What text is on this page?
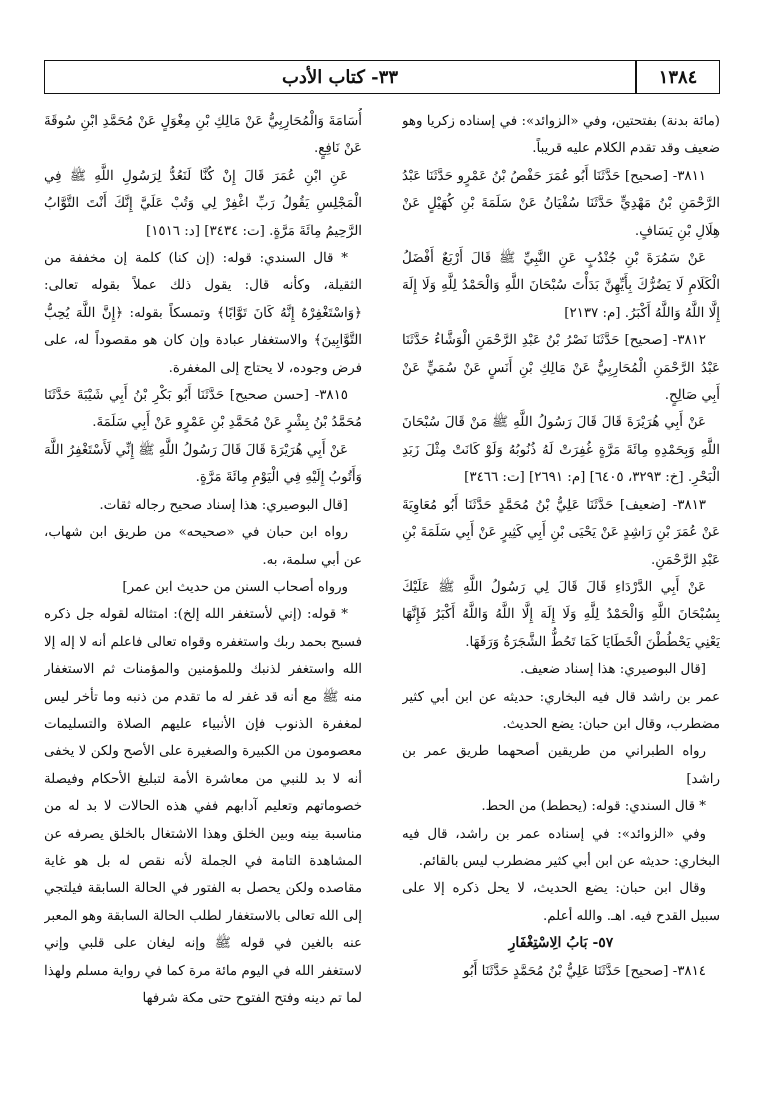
٣٣- كتاب الأدب	١٣٨٤

(مائة بدنة) بفتحتين، وفي «الزوائد»: في إسناده زكريا وهو ضعيف وقد تقدم الكلام عليه قريباً.

٣٨١١- [صحيح] حَدَّثَنَا أَبُو عُمَرَ حَفْصُ بْنُ عَمْرٍو حَدَّثَنَا عَبْدُ الرَّحْمَنِ بْنُ مَهْدِيٍّ حَدَّثَنَا سُفْيَانُ عَنْ سَلَمَةَ بْنِ كُهَيْلٍ عَنْ هِلَالِ بْنِ يَسَافٍ.

عَنْ سَمُرَةَ بْنِ جُنْدُبٍ عَنِ النَّبِيِّ ﷺ قَالَ أَرْبَعٌ أَفْضَلُ الْكَلَامِ لَا يَضُرُّكَ بِأَيِّهِنَّ بَدَأْتَ سُبْحَانَ اللَّهِ وَالْحَمْدُ لِلَّهِ وَلَا إِلَهَ إِلَّا اللَّهُ وَاللَّهُ أَكْبَرُ. [م: ٢١٣٧]

٣٨١٢- [صحيح] حَدَّثَنَا نَصْرُ بْنُ عَبْدِ الرَّحْمَنِ الْوَشَّاءُ حَدَّثَنَا عَبْدُ الرَّحْمَنِ الْمُحَارِبِيُّ عَنْ مَالِكِ بْنِ أَنَسٍ عَنْ سُمَيٍّ عَنْ أَبِي صَالِحٍ.

عَنْ أَبِي هُرَيْرَةَ قَالَ قَالَ رَسُولُ اللَّهِ ﷺ مَنْ قَالَ سُبْحَانَ اللَّهِ وَبِحَمْدِهِ مِائَةَ مَرَّةٍ غُفِرَتْ لَهُ ذُنُوبُهُ وَلَوْ كَانَتْ مِثْلَ زَبَدِ الْبَحْرِ. [خ: ٣٢٩٣، ٦٤٠٥] [م: ٢٦٩١] [ت: ٣٤٦٦]

٣٨١٣- [ضعيف] حَدَّثَنَا عَلِيُّ بْنُ مُحَمَّدٍ حَدَّثَنَا أَبُو مُعَاوِيَةَ عَنْ عُمَرَ بْنِ رَاشِدٍ عَنْ يَحْيَى بْنِ أَبِي كَثِيرٍ عَنْ أَبِي سَلَمَةَ بْنِ عَبْدِ الرَّحْمَنِ.

عَنْ أَبِي الدَّرْدَاءِ قَالَ قَالَ لِي رَسُولُ اللَّهِ ﷺ عَلَيْكَ بِسُبْحَانَ اللَّهِ وَالْحَمْدُ لِلَّهِ وَلَا إِلَهَ إِلَّا اللَّهُ وَاللَّهُ أَكْبَرُ فَإِنَّهَا يَعْنِي يَحْطُطْنَ الْخَطَايَا كَمَا تَحُطُّ الشَّجَرَةُ وَرَقَهَا.

[قال البوصيري: هذا إسناد ضعيف.

عمر بن راشد قال فيه البخاري: حديثه عن ابن أبي كثير مضطرب، وقال ابن حبان: يضع الحديث.

رواه الطبراني من طريقين أصحهما طريق عمر بن راشد]

* قال السندي: قوله: (يحطط) من الحط.

وفي «الزوائد»: في إسناده عمر بن راشد، قال فيه البخاري: حديثه عن ابن أبي كثير مضطرب ليس بالقائم.

وقال ابن حبان: يضع الحديث، لا يحل ذكره إلا على سبيل القدح فيه. اهـ. والله أعلم.

٥٧- بَابُ الِاسْتِغْفَارِ

٣٨١٤- [صحيح] حَدَّثَنَا عَلِيُّ بْنُ مُحَمَّدٍ حَدَّثَنَا أَبُو

أُسَامَةَ وَالْمُحَارِبِيُّ عَنْ مَالِكِ بْنِ مِغْوَلٍ عَنْ مُحَمَّدِ ابْنِ سُوقَةَ عَنْ نَافِعٍ.

عَنِ ابْنِ عُمَرَ قَالَ إِنْ كُنَّا لَنَعُدُّ لِرَسُولِ اللَّهِ ﷺ فِي الْمَجْلِسِ يَقُولُ رَبِّ اغْفِرْ لِي وَتُبْ عَلَيَّ إِنَّكَ أَنْتَ التَّوَّابُ الرَّحِيمُ مِائَةَ مَرَّةٍ. [ت: ٣٤٣٤] [د: ١٥١٦]

* قال السندي: قوله: (إن كنا) كلمة إن مخففة من الثقيلة، وكأنه قال: يقول ذلك عملاً بقوله تعالى: ﴿وَاسْتَغْفِرْهُ إِنَّهُ كَانَ تَوَّابًا﴾ وتمسكاً بقوله: ﴿إِنَّ اللَّهَ يُحِبُّ التَّوَّابِينَ﴾ والاستغفار عبادة وإن كان هو مقصوداً له، على فرض وجوده، لا يحتاج إلى المغفرة.

٣٨١٥- [حسن صحيح] حَدَّثَنَا أَبُو بَكْرِ بْنُ أَبِي شَيْبَةَ حَدَّثَنَا مُحَمَّدُ بْنُ بِشْرٍ عَنْ مُحَمَّدِ بْنِ عَمْرٍو عَنْ أَبِي سَلَمَةَ.

عَنْ أَبِي هُرَيْرَةَ قَالَ قَالَ رَسُولُ اللَّهِ ﷺ إِنِّي لَأَسْتَغْفِرُ اللَّهَ وَأَتُوبُ إِلَيْهِ فِي الْيَوْمِ مِائَةَ مَرَّةٍ.

[قال البوصيري: هذا إسناد صحيح رجاله ثقات.

رواه ابن حبان في «صحيحه» من طريق ابن شهاب، عن أبي سلمة، به.

ورواه أصحاب السنن من حديث ابن عمر]

* قوله: (إني لأستغفر الله إلخ): امتثاله لقوله جل ذكره فسبح بحمد ربك واستغفره وقواه تعالى فاعلم أنه لا إله إلا الله واستغفر لذنبك وللمؤمنين والمؤمنات ثم الاستغفار منه ﷺ مع أنه قد غفر له ما تقدم من ذنبه وما تأخر ليس لمغفرة الذنوب فإن الأنبياء عليهم الصلاة والتسليمات معصومون من الكبيرة والصغيرة على الأصح ولكن لا يخفى أنه لا بد للنبي من معاشرة الأمة لتبليغ الأحكام وفيصلة خصوماتهم وتعليم آدابهم ففي هذه الحالات لا بد له من مناسبة بينه وبين الخلق وهذا الاشتغال بالخلق يصرفه عن المشاهدة التامة في الجملة لأنه نقص له بل هو غاية مقاصده ولكن يحصل به الفتور في الحالة السابقة فيلتجي إلى الله تعالى بالاستغفار لطلب الحالة السابقة وهو المعبر عنه بالغين في قوله ﷺ وإنه ليغان على قلبي وإني لاستغفر الله في اليوم مائة مرة كما في رواية مسلم ولهذا لما تم دينه وفتح الفتوح حتى مكة شرفها
